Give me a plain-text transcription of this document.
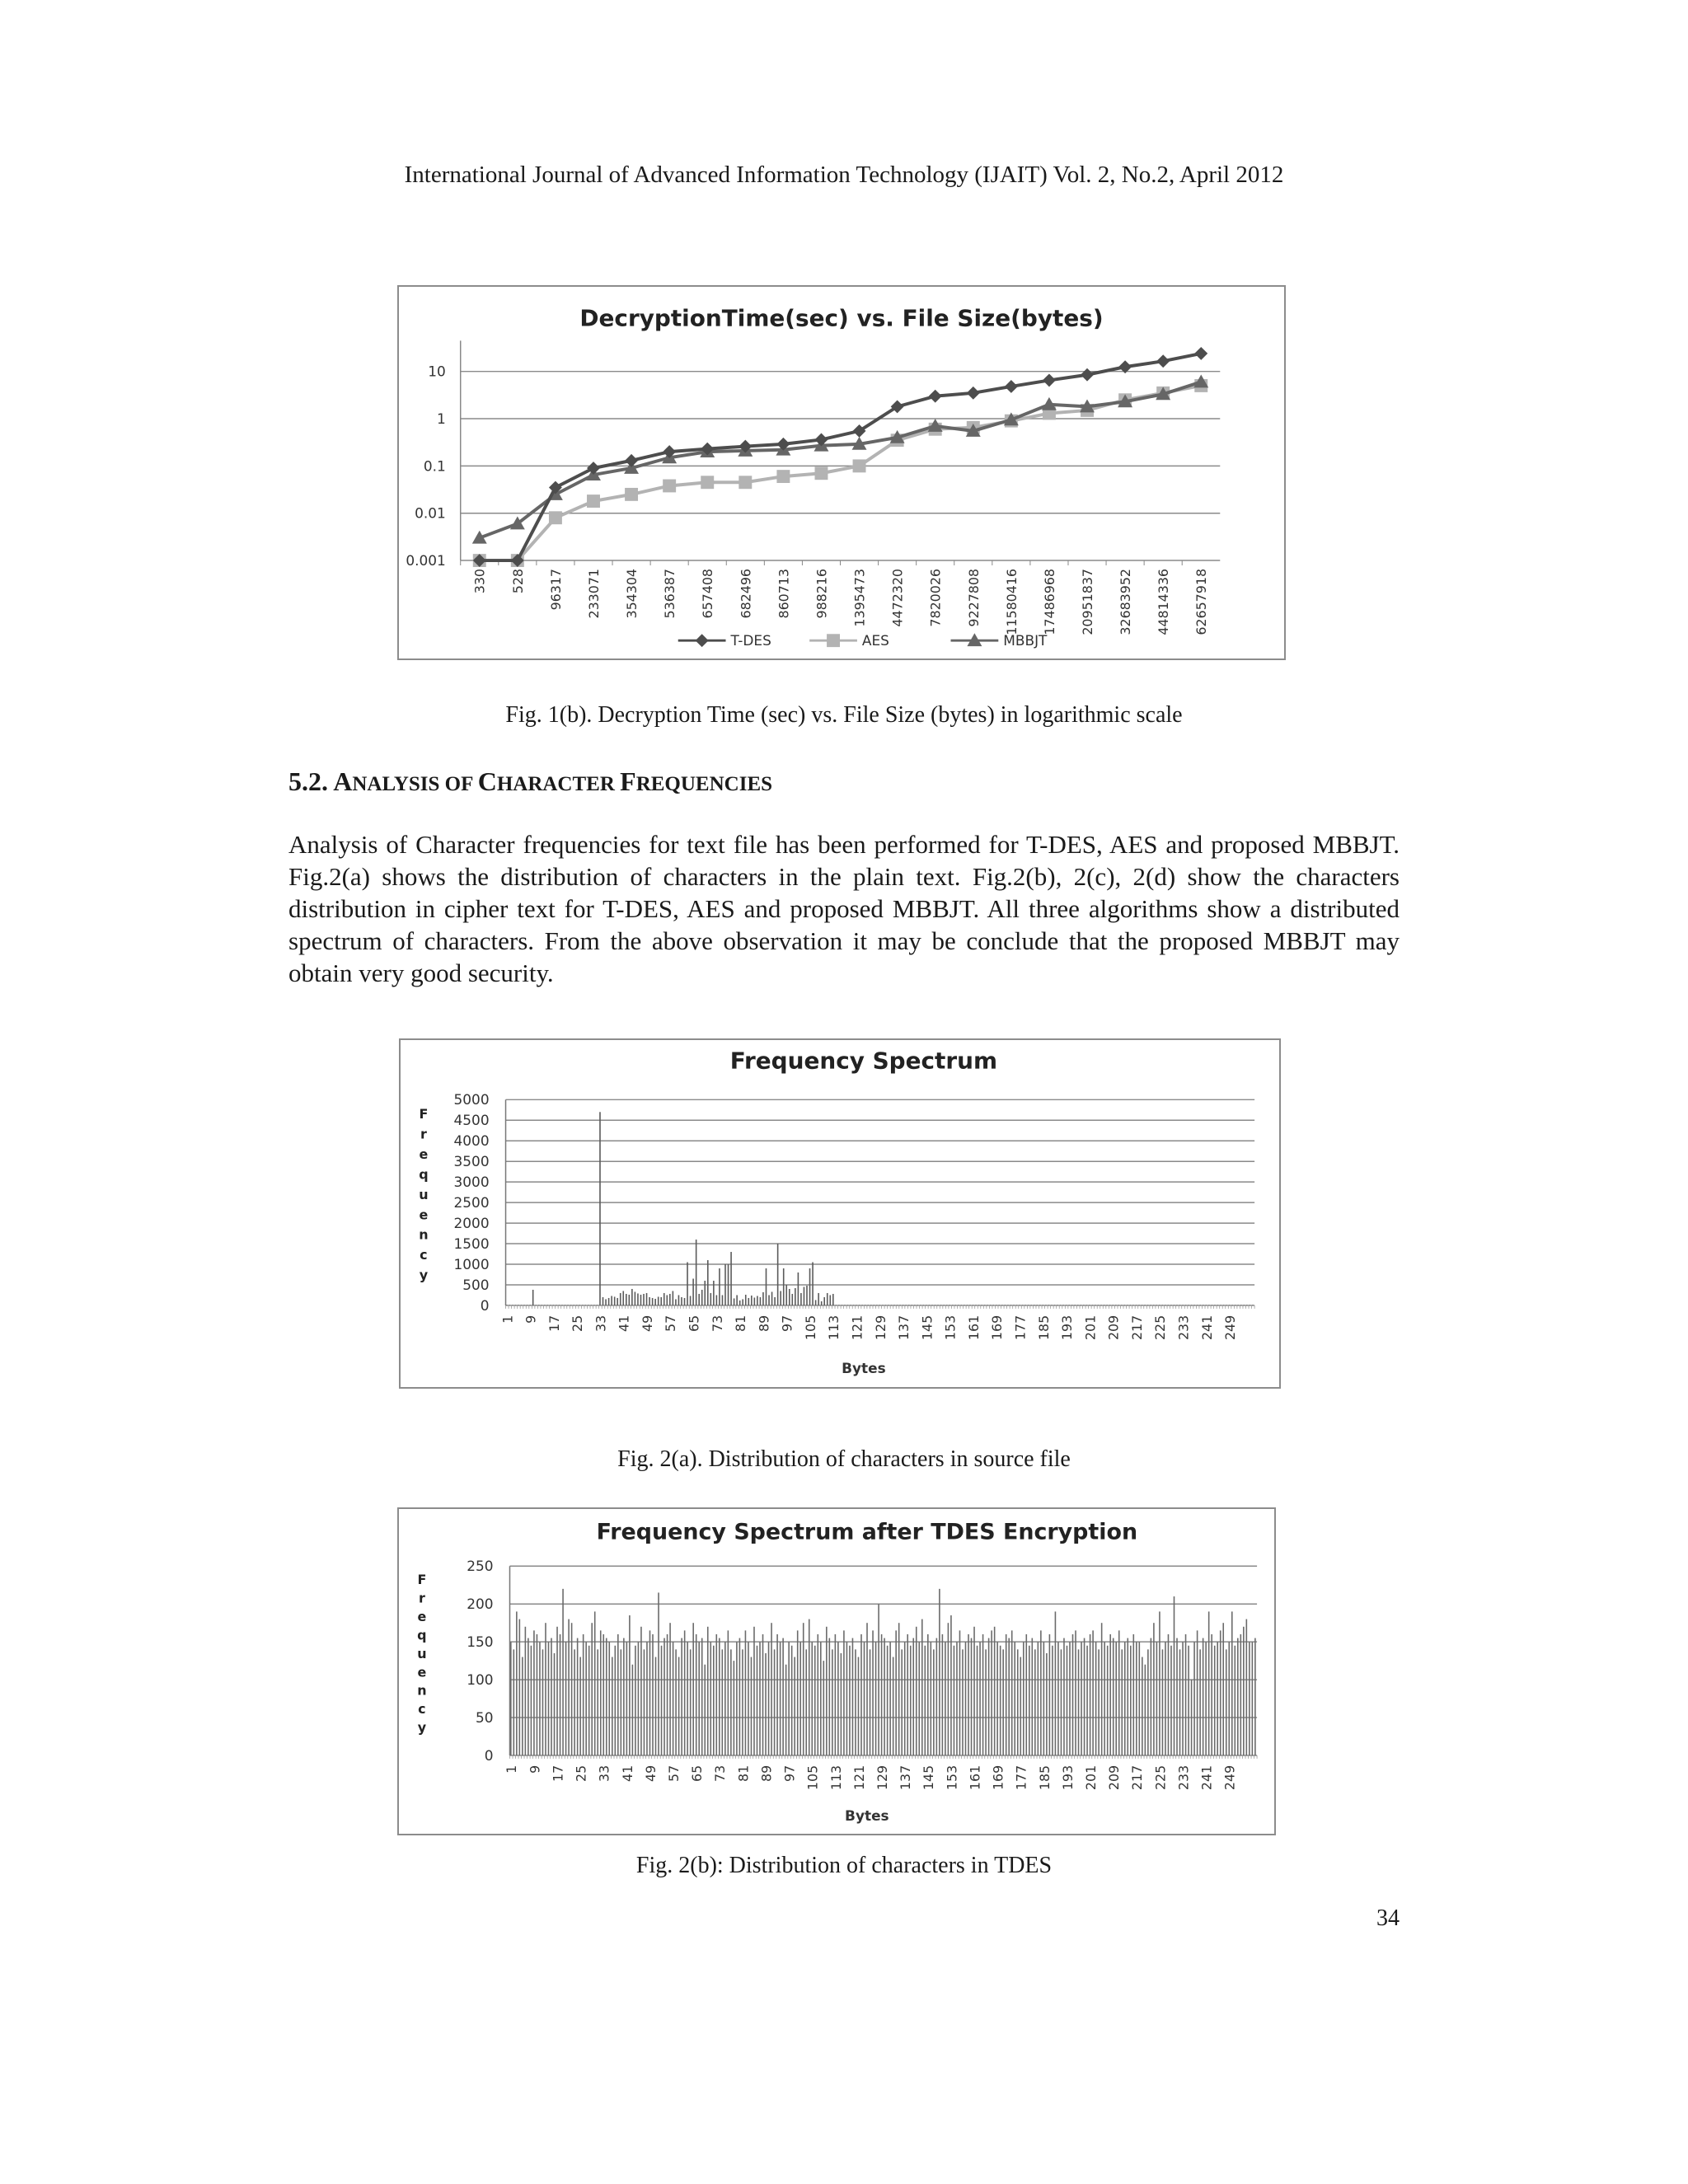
International Journal of Advanced Information Technology (IJAIT) Vol. 2, No.2, April 2012
DecryptionTime(sec) vs. File Size(bytes)
0.001
0.01
0.1
1
10
330 528 96317 233071 354304 536387 657408 682496 860713 988216 1395473 4472320 7820026 9227808 11580416 17486968 20951837 32683952 44814336 62657918
T-DES	AES	MBBJT
Fig. 1(b). Decryption Time (sec) vs. File Size (bytes) in logarithmic scale
5.2. ANALYSIS OF CHARACTER FREQUENCIES
Analysis of Character frequencies for text file has been performed for T-DES, AES and proposed MBBJT. Fig.2(a) shows the distribution of characters in the plain text. Fig.2(b), 2(c), 2(d) show the characters distribution in cipher text for T-DES, AES and proposed MBBJT. All three algorithms show a distributed spectrum of characters. From the above observation it may be conclude that the proposed MBBJT may obtain very good security.
Frequency Spectrum
0
500
1000
1500
2000
2500
3000
3500
4000
4500
5000
1 9 17 25 33 41 49 57 65 73 81 89 97 105 113 121 129 137 145 153 161 169 177 185 193 201 209 217 225 233 241 249
Bytes
F
r
e
q
u
e
n
c
y
Fig. 2(a). Distribution of characters in source file
Frequency Spectrum after TDES Encryption
0
50
100
150
200
250
1 9 17 25 33 41 49 57 65 73 81 89 97 105 113 121 129 137 145 153 161 169 177 185 193 201 209 217 225 233 241 249
Bytes
F
r
e
q
u
e
n
c
y
Fig. 2(b): Distribution of characters in TDES
34
